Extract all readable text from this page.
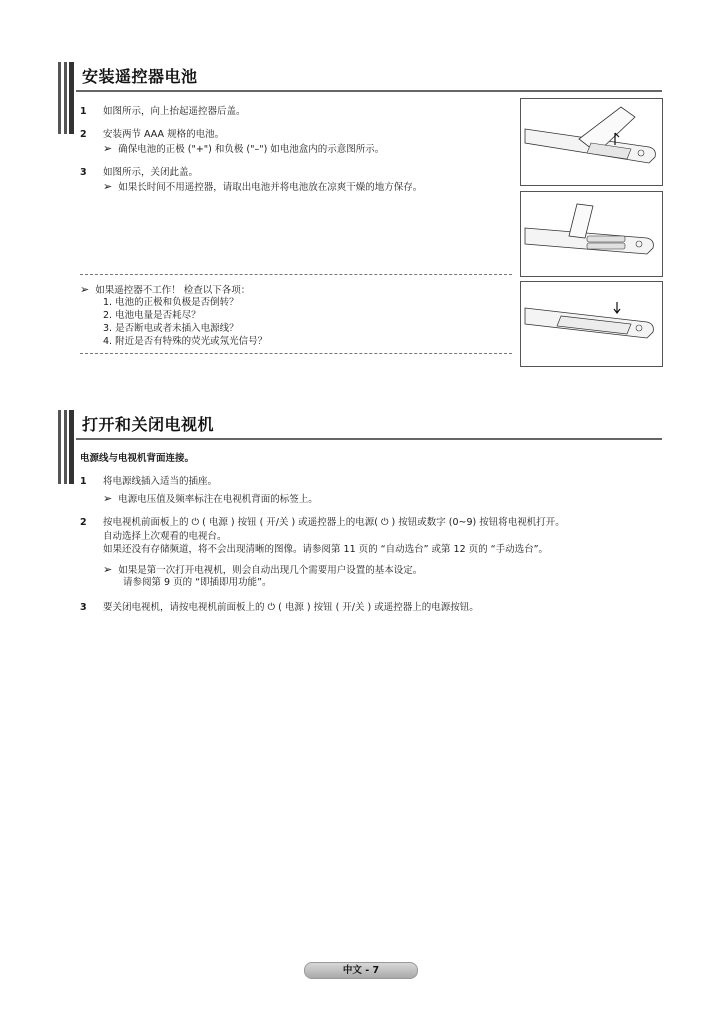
安装遥控器电池
1 如图所示，向上抬起遥控器后盖。
2 安装两节 AAA 规格的电池。
➢ 确保电池的正极 ("+") 和负极 ("–") 如电池盒内的示意图所示。
3 如图所示，关闭此盖。
➢ 如果长时间不用遥控器，请取出电池并将电池放在凉爽干燥的地方保存。
➢ 如果遥控器不工作！ 检查以下各项：
1. 电池的正极和负极是否倒转？
2. 电池电量是否耗尽？
3. 是否断电或者未插入电源线？
4. 附近是否有特殊的荧光或氖光信号？
打开和关闭电视机
电源线与电视机背面连接。
1 将电源线插入适当的插座。
➢ 电源电压值及频率标注在电视机背面的标签上。
2 按电视机前面板上的 ⏻ ( 电源 ) 按钮 ( 开/关 ) 或遥控器上的电源( ⏻ ) 按钮或数字 (0~9) 按钮将电视机打开。
自动选择上次观看的电视台。
如果还没有存储频道，将不会出现清晰的图像。请参阅第 11 页的 “自动选台” 或第 12 页的 “手动选台”。
➢ 如果是第一次打开电视机，则会自动出现几个需要用户设置的基本设定。
请参阅第 9 页的 “即插即用功能”。
3 要关闭电视机，请按电视机前面板上的 ⏻ ( 电源 ) 按钮 ( 开/关 ) 或遥控器上的电源按钮。
中文 - 7
